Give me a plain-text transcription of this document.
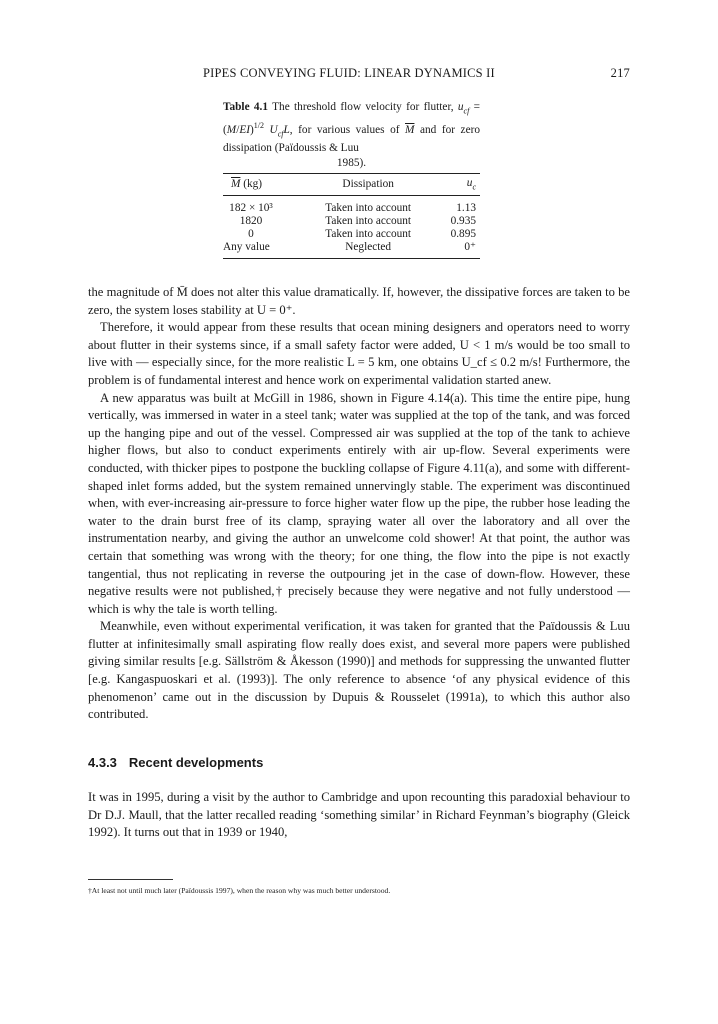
PIPES CONVEYING FLUID: LINEAR DYNAMICS II	217

Table 4.1 The threshold flow velocity for flutter, $u_{cf} = (M/EI)^{1/2}$ $U_{cf}L$, for various values of $\overline{M}$ and for zero dissipation (Païdoussis & Luu
1985).

$\overline{M}$ (kg)	Dissipation	$u_c$
182 × 10³	Taken into account	1.13
1820	Taken into account	0.935
0	Taken into account	0.895
Any value	Neglected	0⁺

the magnitude of M̄ does not alter this value dramatically. If, however, the dissipative forces are taken to be zero, the system loses stability at U = 0⁺.

Therefore, it would appear from these results that ocean mining designers and operators need to worry about flutter in their systems since, if a small safety factor were added, U < 1 m/s would be too small to live with — especially since, for the more realistic L = 5 km, one obtains U_cf ≤ 0.2 m/s! Furthermore, the problem is of fundamental interest and hence work on experimental validation started anew.

A new apparatus was built at McGill in 1986, shown in Figure 4.14(a). This time the entire pipe, hung vertically, was immersed in water in a steel tank; water was supplied at the top of the tank, and was forced up the hanging pipe and out of the vessel. Compressed air was supplied at the top of the tank to achieve higher flows, but also to conduct experiments entirely with air up-flow. Several experiments were conducted, with thicker pipes to postpone the buckling collapse of Figure 4.11(a), and some with different-shaped inlet forms added, but the system remained unnervingly stable. The experiment was discontinued when, with ever-increasing air-pressure to force higher water flow up the pipe, the rubber hose leading the water to the drain burst free of its clamp, spraying water all over the laboratory and all over the instrumentation nearby, and giving the author an unwelcome cold shower! At that point, the author was certain that something was wrong with the theory; for one thing, the flow into the pipe is not exactly tangential, thus not replicating in reverse the outpouring jet in the case of down-flow. However, these negative results were not published,† precisely because they were negative and not fully understood — which is why the tale is worth telling.

Meanwhile, even without experimental verification, it was taken for granted that the Païdoussis & Luu flutter at infinitesimally small aspirating flow really does exist, and several more papers were published giving similar results [e.g. Sällström & Åkesson (1990)] and methods for suppressing the unwanted flutter [e.g. Kangaspuoskari et al. (1993)]. The only reference to absence ‘of any physical evidence of this phenomenon’ came out in the discussion by Dupuis & Rousselet (1991a), to which this author also contributed.

4.3.3 Recent developments

It was in 1995, during a visit by the author to Cambridge and upon recounting this paradoxial behaviour to Dr D.J. Maull, that the latter recalled reading ‘something similar’ in Richard Feynman’s biography (Gleick 1992). It turns out that in 1939 or 1940,

†At least not until much later (Païdoussis 1997), when the reason why was much better understood.
